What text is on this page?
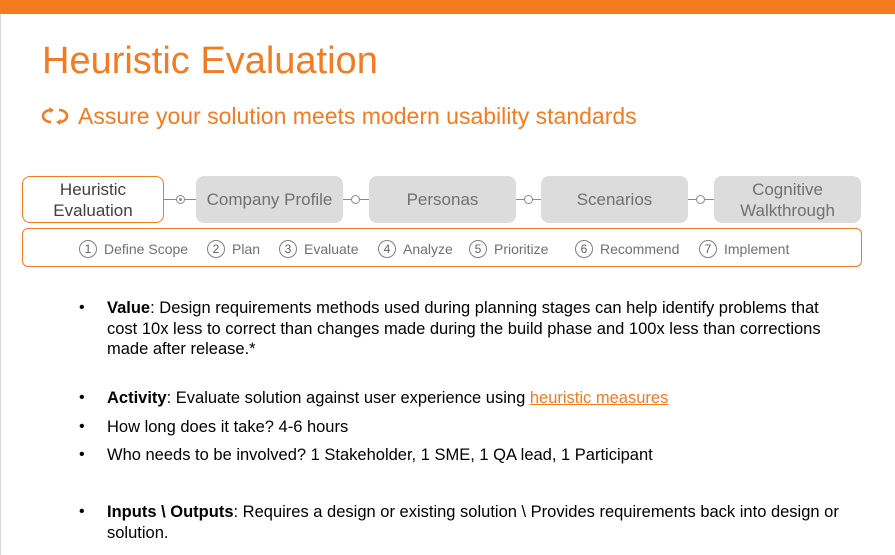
Heuristic Evaluation
Assure your solution meets modern usability standards
Heuristic
Evaluation
Company Profile	Personas	Scenarios
Cognitive
Walkthrough
1 Define Scope	2 Plan	3 Evaluate	4 Analyze	5 Prioritize	6 Recommend	7 Implement
•	Value: Design requirements methods used during planning stages can help identify problems that cost 10x less to correct than changes made during the build phase and 100x less than corrections made after release.*
•	Activity: Evaluate solution against user experience using heuristic measures
•	How long does it take? 4-6 hours
•	Who needs to be involved? 1 Stakeholder, 1 SME, 1 QA lead, 1 Participant
•	Inputs \ Outputs: Requires a design or existing solution \ Provides requirements back into design or solution.
